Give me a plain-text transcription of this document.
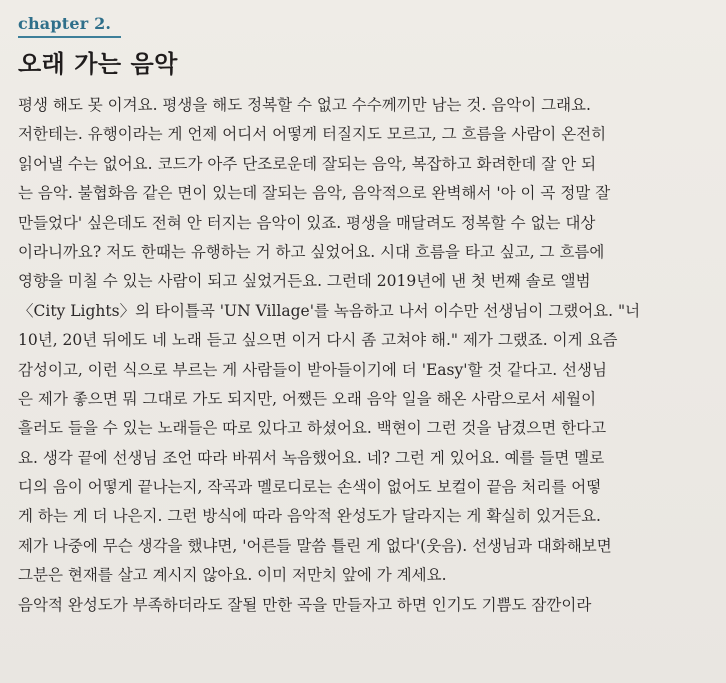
chapter 2.
오래 가는 음악
평생 해도 못 이겨요. 평생을 해도 정복할 수 없고 수수께끼만 남는 것. 음악이 그래요.
저한테는. 유행이라는 게 언제 어디서 어떻게 터질지도 모르고, 그 흐름을 사람이 온전히
읽어낼 수는 없어요. 코드가 아주 단조로운데 잘되는 음악, 복잡하고 화려한데 잘 안 되
는 음악. 불협화음 같은 면이 있는데 잘되는 음악, 음악적으로 완벽해서 '아 이 곡 정말 잘
만들었다' 싶은데도 전혀 안 터지는 음악이 있죠. 평생을 매달려도 정복할 수 없는 대상
이라니까요? 저도 한때는 유행하는 거 하고 싶었어요. 시대 흐름을 타고 싶고, 그 흐름에
영향을 미칠 수 있는 사람이 되고 싶었거든요. 그런데 2019년에 낸 첫 번째 솔로 앨범
〈City Lights〉의 타이틀곡 'UN Village'를 녹음하고 나서 이수만 선생님이 그랬어요. "너
10년, 20년 뒤에도 네 노래 듣고 싶으면 이거 다시 좀 고쳐야 해." 제가 그랬죠. 이게 요즘
감성이고, 이런 식으로 부르는 게 사람들이 받아들이기에 더 'Easy'할 것 같다고. 선생님
은 제가 좋으면 뭐 그대로 가도 되지만, 어쨌든 오래 음악 일을 해온 사람으로서 세월이
흘러도 들을 수 있는 노래들은 따로 있다고 하셨어요. 백현이 그런 것을 남겼으면 한다고
요. 생각 끝에 선생님 조언 따라 바꿔서 녹음했어요. 네? 그런 게 있어요. 예를 들면 멜로
디의 음이 어떻게 끝나는지, 작곡과 멜로디로는 손색이 없어도 보컬이 끝음 처리를 어떻
게 하는 게 더 나은지. 그런 방식에 따라 음악적 완성도가 달라지는 게 확실히 있거든요.
제가 나중에 무슨 생각을 했냐면, '어른들 말씀 틀린 게 없다'(웃음). 선생님과 대화해보면
그분은 현재를 살고 계시지 않아요. 이미 저만치 앞에 가 계세요.
음악적 완성도가 부족하더라도 잘될 만한 곡을 만들자고 하면 인기도 기쁨도 잠깐이라
